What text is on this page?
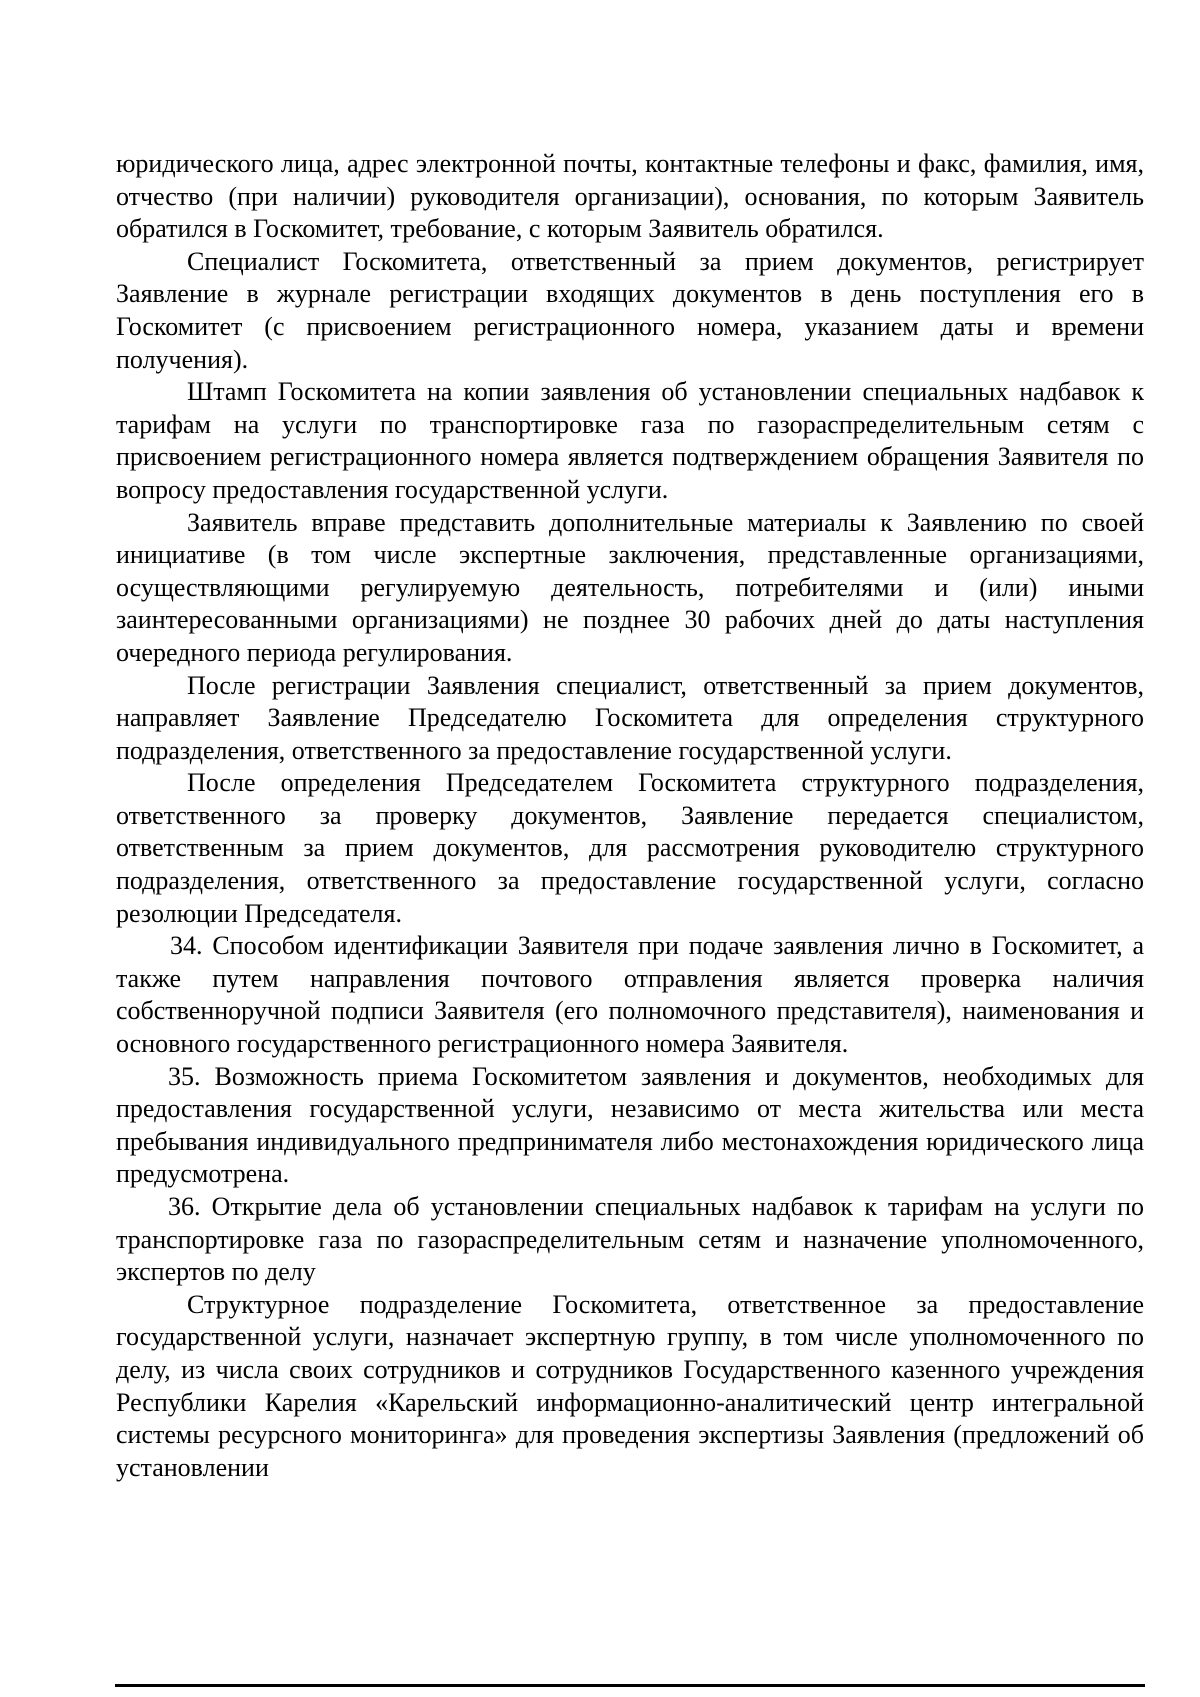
юридического лица, адрес электронной почты, контактные телефоны и факс, фамилия, имя, отчество (при наличии) руководителя организации), основания, по которым Заявитель обратился в Госкомитет, требование, с которым Заявитель обратился.

Специалист Госкомитета, ответственный за прием документов, регистрирует Заявление в журнале регистрации входящих документов в день поступления его в Госкомитет (с присвоением регистрационного номера, указанием даты и времени получения).

Штамп Госкомитета на копии заявления об установлении специальных надбавок к тарифам на услуги по транспортировке газа по газораспределительным сетям с присвоением регистрационного номера является подтверждением обращения Заявителя по вопросу предоставления государственной услуги.

Заявитель вправе представить дополнительные материалы к Заявлению по своей инициативе (в том числе экспертные заключения, представленные организациями, осуществляющими регулируемую деятельность, потребителями и (или) иными заинтересованными организациями) не позднее 30 рабочих дней до даты наступления очередного периода регулирования.

После регистрации Заявления специалист, ответственный за прием документов, направляет Заявление Председателю Госкомитета для определения структурного подразделения, ответственного за предоставление государственной услуги.

После определения Председателем Госкомитета структурного подразделения, ответственного за проверку документов, Заявление передается специалистом, ответственным за прием документов, для рассмотрения руководителю структурного подразделения, ответственного за предоставление государственной услуги, согласно резолюции Председателя.

34. Способом идентификации Заявителя при подаче заявления лично в Госкомитет, а также путем направления почтового отправления является проверка наличия собственноручной подписи Заявителя (его полномочного представителя), наименования и основного государственного регистрационного номера Заявителя.

35. Возможность приема Госкомитетом заявления и документов, необходимых для предоставления государственной услуги, независимо от места жительства или места пребывания индивидуального предпринимателя либо местонахождения юридического лица предусмотрена.

36. Открытие дела об установлении специальных надбавок к тарифам на услуги по транспортировке газа по газораспределительным сетям и назначение уполномоченного, экспертов по делу

Структурное подразделение Госкомитета, ответственное за предоставление государственной услуги, назначает экспертную группу, в том числе уполномоченного по делу, из числа своих сотрудников и сотрудников Государственного казенного учреждения Республики Карелия «Карельский информационно-аналитический центр интегральной системы ресурсного мониторинга» для проведения экспертизы Заявления (предложений об установлении
